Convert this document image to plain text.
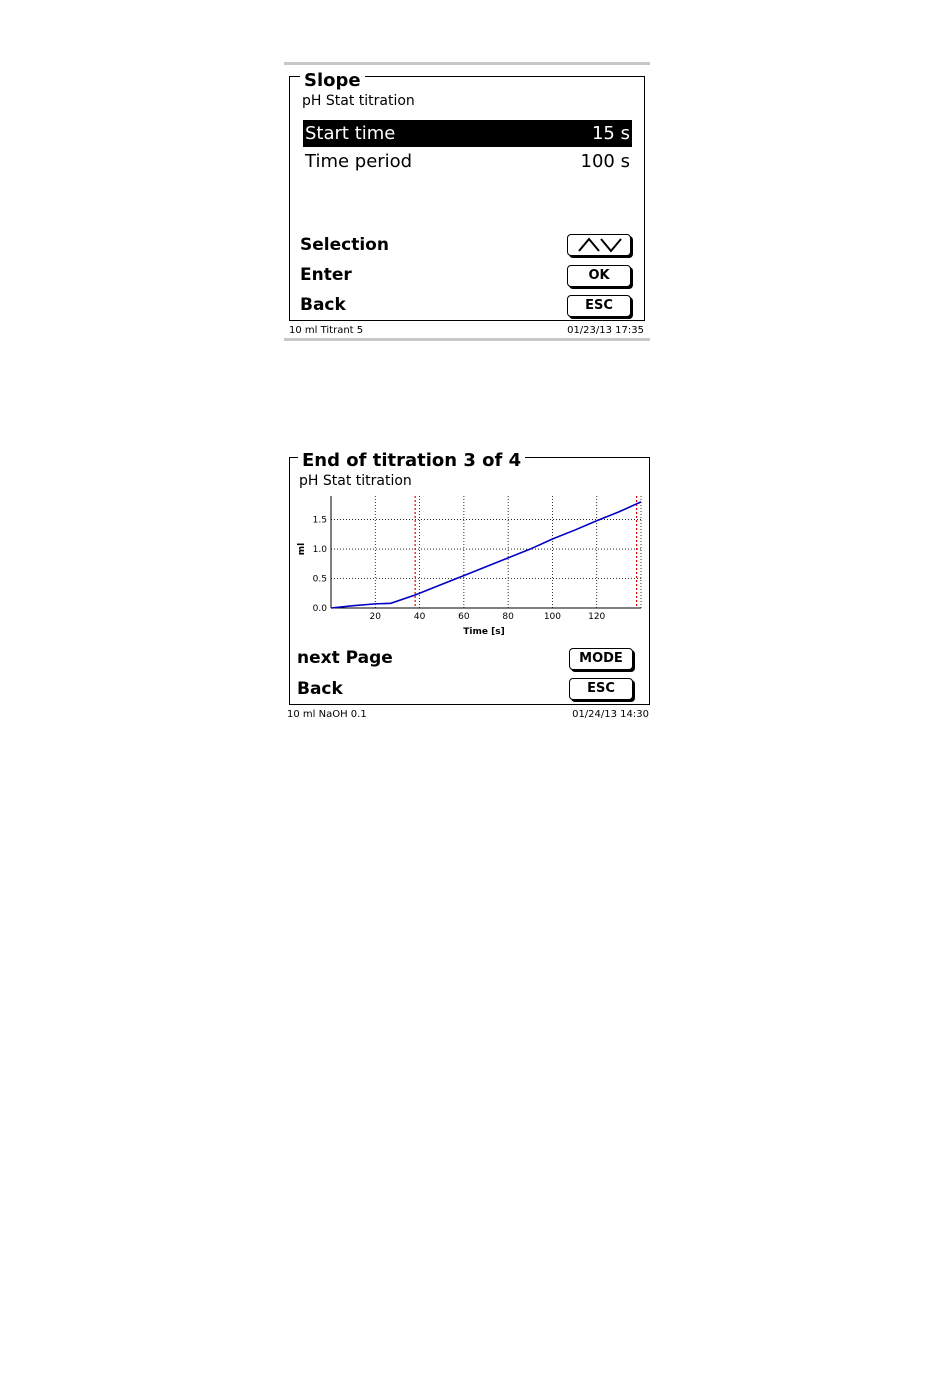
Slope
pH Stat titration
Start time	15 s
Time period	100 s
Selection
Enter	OK
Back	ESC
10 ml Titrant 5	01/23/13 17:35
End of titration 3 of 4
pH Stat titration
20	40	60	80	100	120
0.0
0.5
1.0
1.5
Time [s]
ml
next Page	MODE
Back	ESC
10 ml NaOH 0.1	01/24/13 14:30
